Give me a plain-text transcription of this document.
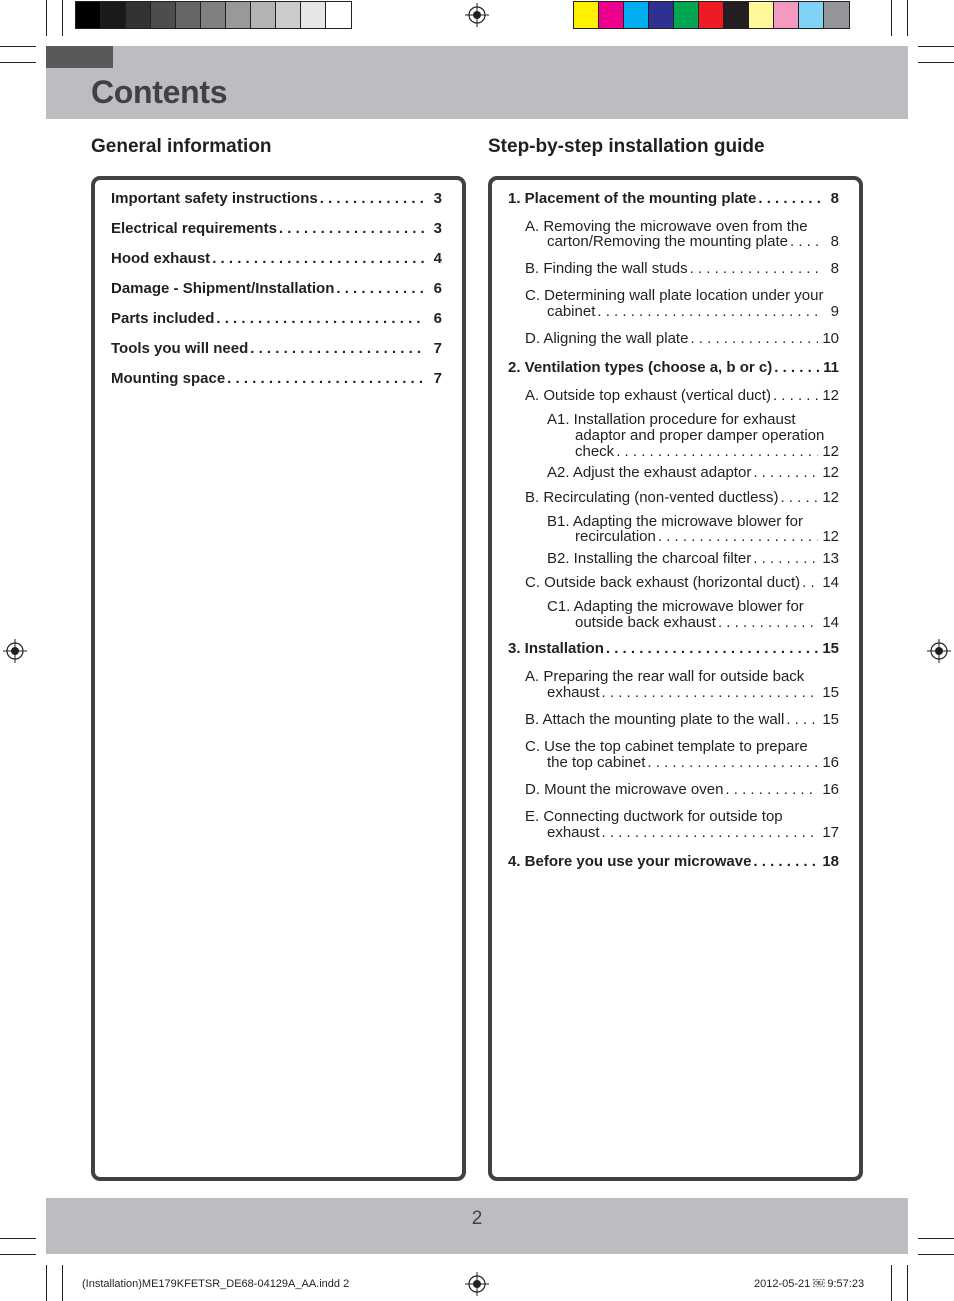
Contents
General information
Important safety instructions . . .	3
Electrical requirements . . .	3
Hood exhaust . . .	4
Damage - Shipment/Installation . . .	6
Parts included . . .	6
Tools you will need . . .	7
Mounting space . . .	7
Step-by-step installation guide
1. Placement of the mounting plate . . .	8
A. Removing the microwave oven from the
carton/Removing the mounting plate . . .	8
B. Finding the wall studs . . .	8
C. Determining wall plate location under your
cabinet . . .	9
D. Aligning the wall plate . . .	10
2. Ventilation types (choose a, b or c) . . .	11
A. Outside top exhaust (vertical duct) . . .	12
A1. Installation procedure for exhaust
adaptor and proper damper operation
check . . .	12
A2. Adjust the exhaust adaptor . . .	12
B. Recirculating (non-vented ductless) . . .	12
B1. Adapting the microwave blower for
recirculation . . .	12
B2. Installing the charcoal filter . . .	13
C. Outside back exhaust (horizontal duct) . . . 14
C1. Adapting the microwave blower for
outside back exhaust . . .	14
3. Installation . . .	15
A. Preparing the rear wall for outside back
exhaust . . .	15
B. Attach the mounting plate to the wall . . .	15
C. Use the top cabinet template to prepare
the top cabinet . . .	16
D. Mount the microwave oven . . .	16
E. Connecting ductwork for outside top
exhaust . . .	17
4. Before you use your microwave . . .	18
2
(Installation)ME179KFETSR_DE68-04129A_AA.indd 2	2012-05-21 ￼ 9:57:23
